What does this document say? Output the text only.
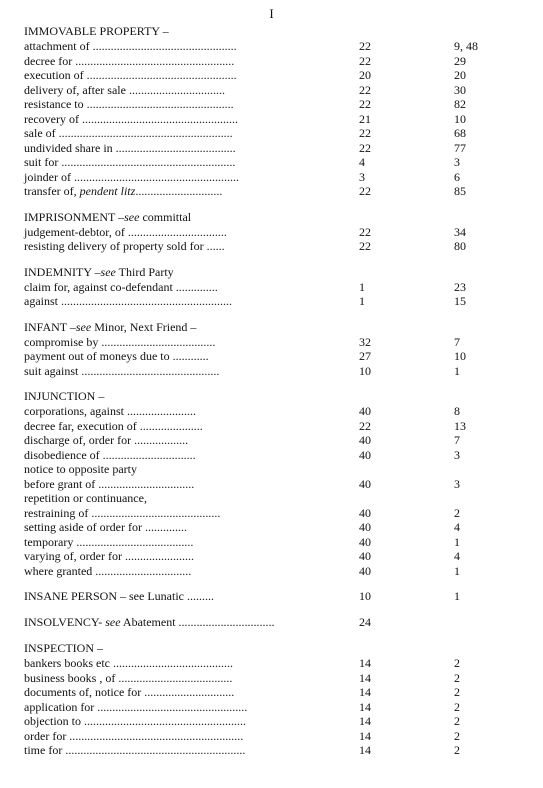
I
IMMOVABLE PROPERTY –
attachment of ................................................	22	9, 48
decree for .....................................................	22	29
execution of ..................................................	20	20
delivery of, after sale ................................	22	30
resistance to .................................................	22	82
recovery of ....................................................	21	10
sale of ..........................................................	22	68
undivided share in ........................................	22	77
suit for ..........................................................	4	3
joinder of .......................................................	3	6
transfer of, pendent litz.............................	22	85
IMPRISONMENT –see committal
judgement-debtor, of .................................	22	34
resisting delivery of property sold for ......	22	80
INDEMNITY –see Third Party
claim for, against co-defendant ..............	1	23
against .........................................................	1	15
INFANT –see Minor, Next Friend –
compromise by ......................................	32	7
payment out of moneys due to ............	27	10
suit against ..............................................	10	1
INJUNCTION –
corporations, against .......................	40	8
decree far, execution of .....................	22	13
discharge of, order for ..................	40	7
disobedience of ...............................	40	3
notice to opposite party
before grant of ................................	40	3
repetition or continuance,
restraining of ...........................................	40	2
setting aside of order for ..............	40	4
temporary .......................................	40	1
varying of, order for .......................	40	4
where granted ................................	40	1
INSANE PERSON – see Lunatic .........	10	1
INSOLVENCY- see Abatement ................................	24
INSPECTION –
bankers books etc ........................................	14	2
business books , of ......................................	14	2
documents of, notice for ..............................	14	2
application for ..................................................	14	2
objection to ......................................................	14	2
order for ..........................................................	14	2
time for ............................................................	14	2
